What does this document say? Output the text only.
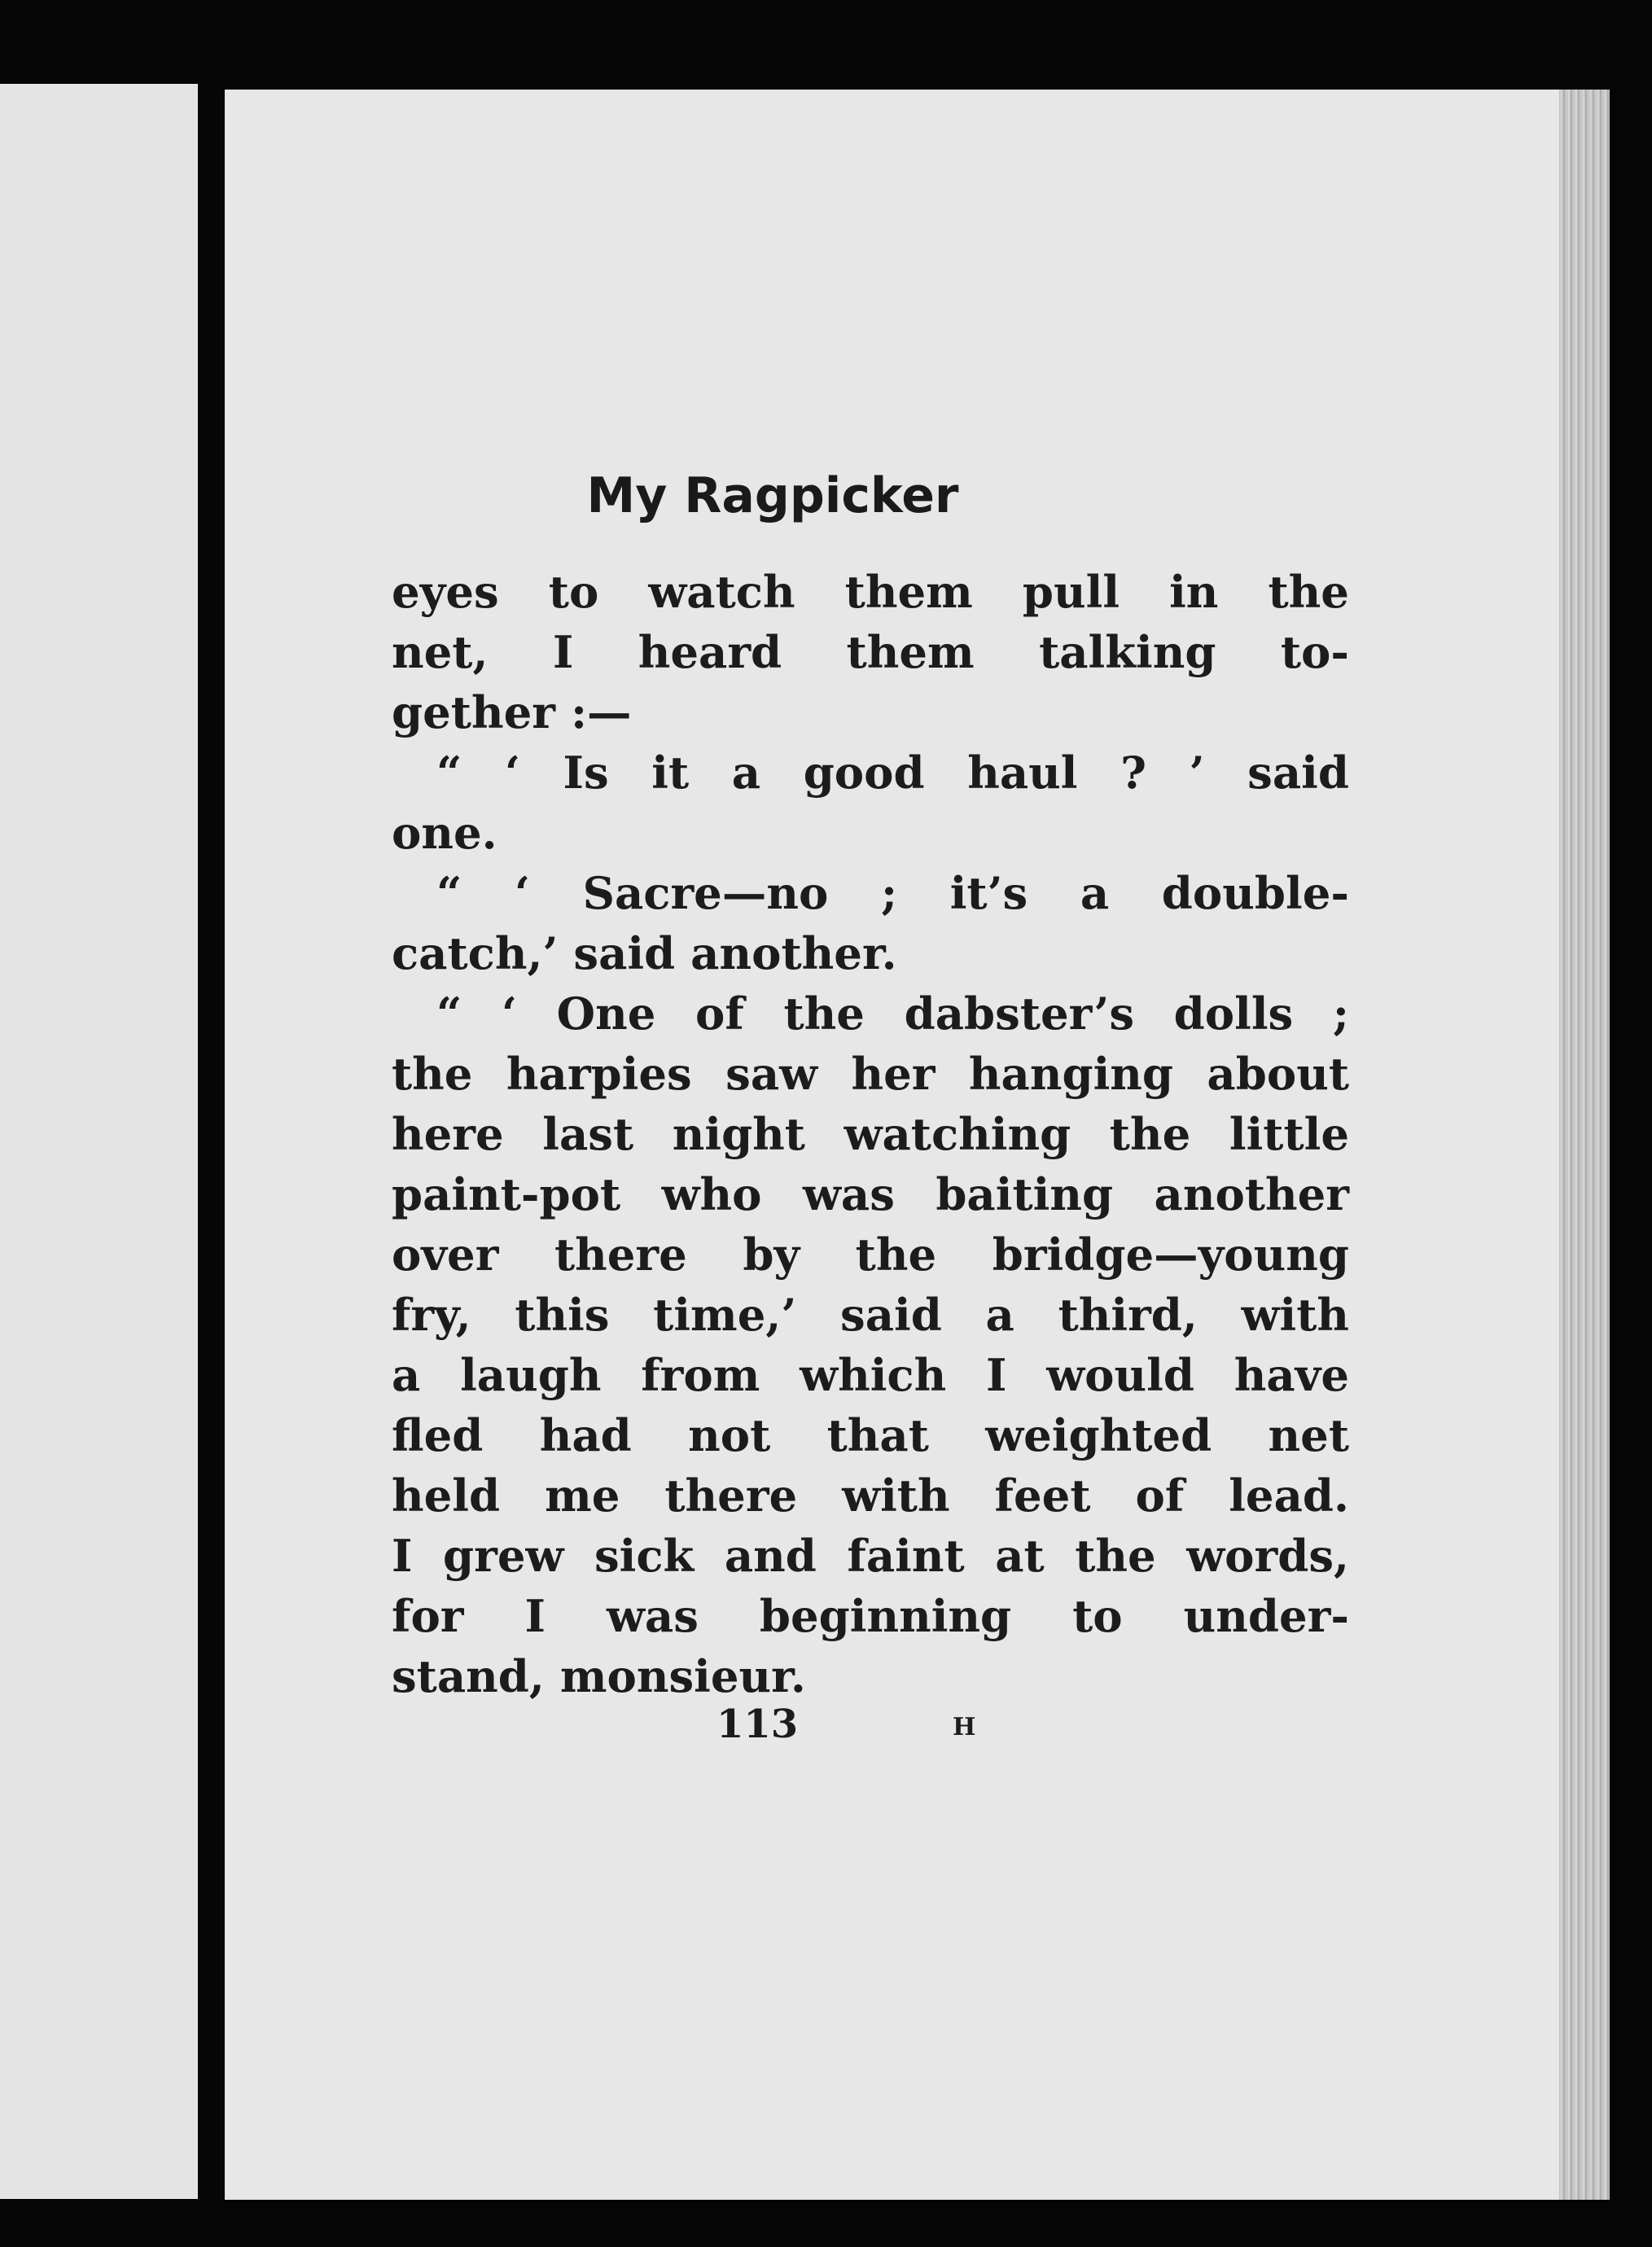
My Ragpicker
eyes to watch them pull in the
net, I heard them talking to-
gether :—
“ ‘ Is it a good haul ? ’ said
one.
“ ‘ Sacre—no ; it’s a double-
catch,’ said another.
“ ‘ One of the dabster’s dolls ;
the harpies saw her hanging about
here last night watching the little
paint-pot who was baiting another
over there by the bridge—young
fry, this time,’ said a third, with
a laugh from which I would have
fled had not that weighted net
held me there with feet of lead.
I grew sick and faint at the words,
for I was beginning to under-
stand, monsieur.
113	H
